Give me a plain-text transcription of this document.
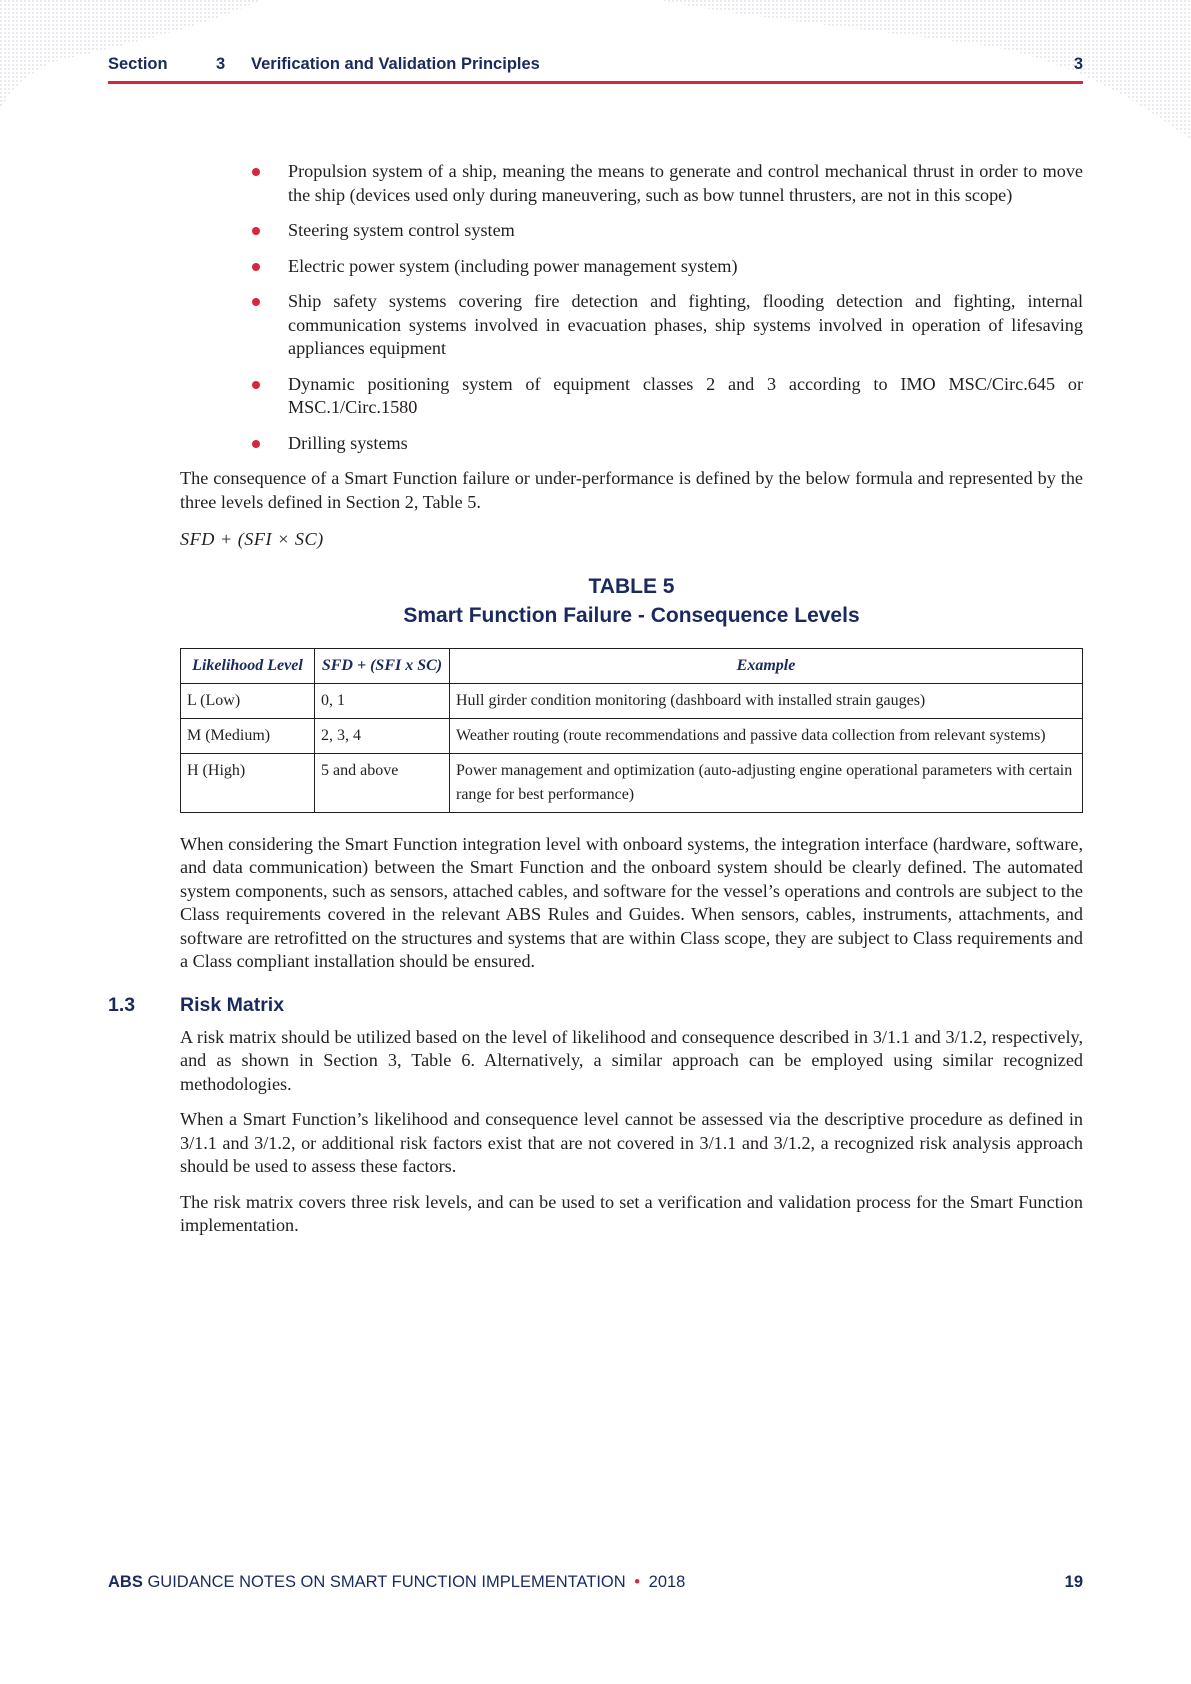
Section	3 Verification and Validation Principles	3
Propulsion system of a ship, meaning the means to generate and control mechanical thrust in order to move the ship (devices used only during maneuvering, such as bow tunnel thrusters, are not in this scope)
Steering system control system
Electric power system (including power management system)
Ship safety systems covering fire detection and fighting, flooding detection and fighting, internal communication systems involved in evacuation phases, ship systems involved in operation of lifesaving appliances equipment
Dynamic positioning system of equipment classes 2 and 3 according to IMO MSC/Circ.645 or MSC.1/Circ.1580
Drilling systems

The consequence of a Smart Function failure or under-performance is defined by the below formula and represented by the three levels defined in Section 2, Table 5.

SFD + (SFI × SC)
TABLE 5
Smart Function Failure - Consequence Levels
Likelihood Level	SFD + (SFI x SC)	Example
L (Low)	0, 1	Hull girder condition monitoring (dashboard with installed strain gauges)
M (Medium)	2, 3, 4	Weather routing (route recommendations and passive data collection from relevant systems)
H (High)	5 and above	Power management and optimization (auto-adjusting engine operational parameters with certain range for best performance)

When considering the Smart Function integration level with onboard systems, the integration interface (hardware, software, and data communication) between the Smart Function and the onboard system should be clearly defined. The automated system components, such as sensors, attached cables, and software for the vessel’s operations and controls are subject to the Class requirements covered in the relevant ABS Rules and Guides. When sensors, cables, instruments, attachments, and software are retrofitted on the structures and systems that are within Class scope, they are subject to Class requirements and a Class compliant installation should be ensured.

1.3 Risk Matrix

A risk matrix should be utilized based on the level of likelihood and consequence described in 3/1.1 and 3/1.2, respectively, and as shown in Section 3, Table 6. Alternatively, a similar approach can be employed using similar recognized methodologies.

When a Smart Function’s likelihood and consequence level cannot be assessed via the descriptive procedure as defined in 3/1.1 and 3/1.2, or additional risk factors exist that are not covered in 3/1.1 and 3/1.2, a recognized risk analysis approach should be used to assess these factors.

The risk matrix covers three risk levels, and can be used to set a verification and validation process for the Smart Function implementation.

ABS GUIDANCE NOTES ON SMART FUNCTION IMPLEMENTATION • 2018	19
